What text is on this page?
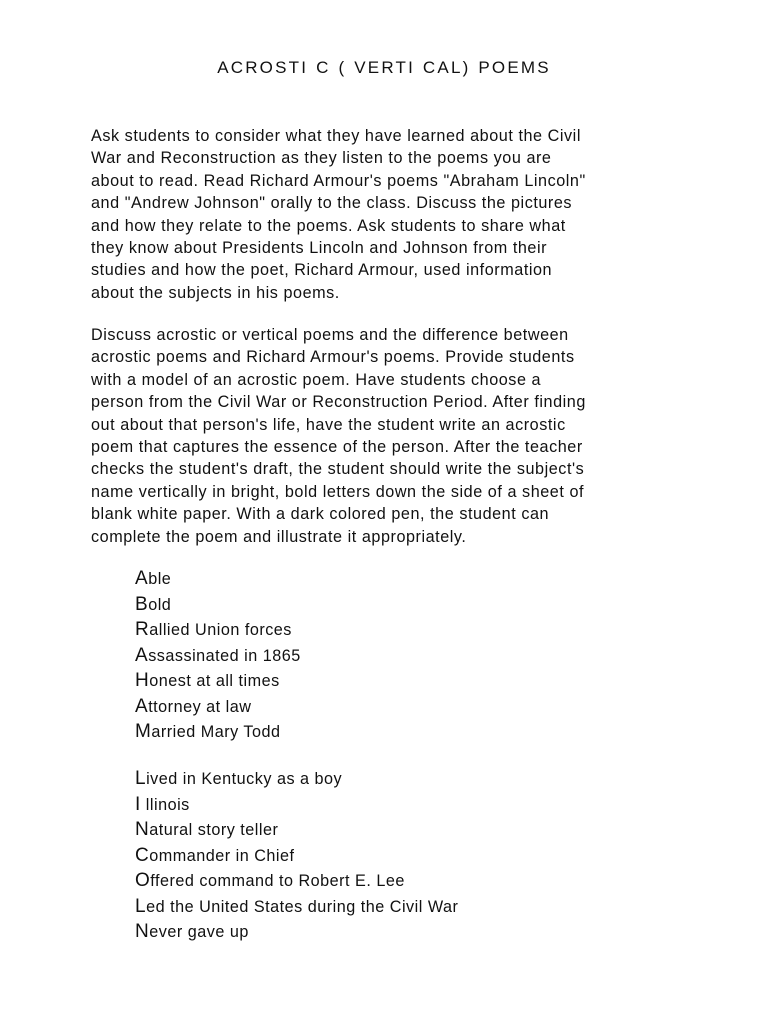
ACROSTI C ( VERTI CAL) POEMS

Ask students to consider what they have learned about the Civil
War and Reconstruction as they listen to the poems you are
about to read. Read Richard Armour's poems "Abraham Lincoln"
and "Andrew Johnson" orally to the class. Discuss the pictures
and how they relate to the poems. Ask students to share what
they know about Presidents Lincoln and Johnson from their
studies and how the poet, Richard Armour, used information
about the subjects in his poems.

Discuss acrostic or vertical poems and the difference between
acrostic poems and Richard Armour's poems. Provide students
with a model of an acrostic poem. Have students choose a
person from the Civil War or Reconstruction Period. After finding
out about that person's life, have the student write an acrostic
poem that captures the essence of the person. After the teacher
checks the student's draft, the student should write the subject's
name vertically in bright, bold letters down the side of a sheet of
blank white paper. With a dark colored pen, the student can
complete the poem and illustrate it appropriately.

Able
Bold
Rallied Union forces
Assassinated in 1865
Honest at all times
Attorney at law
Married Mary Todd
Lived in Kentucky as a boy
I llinois
Natural story teller
Commander in Chief
Offered command to Robert E. Lee
Led the United States during the Civil War
Never gave up
